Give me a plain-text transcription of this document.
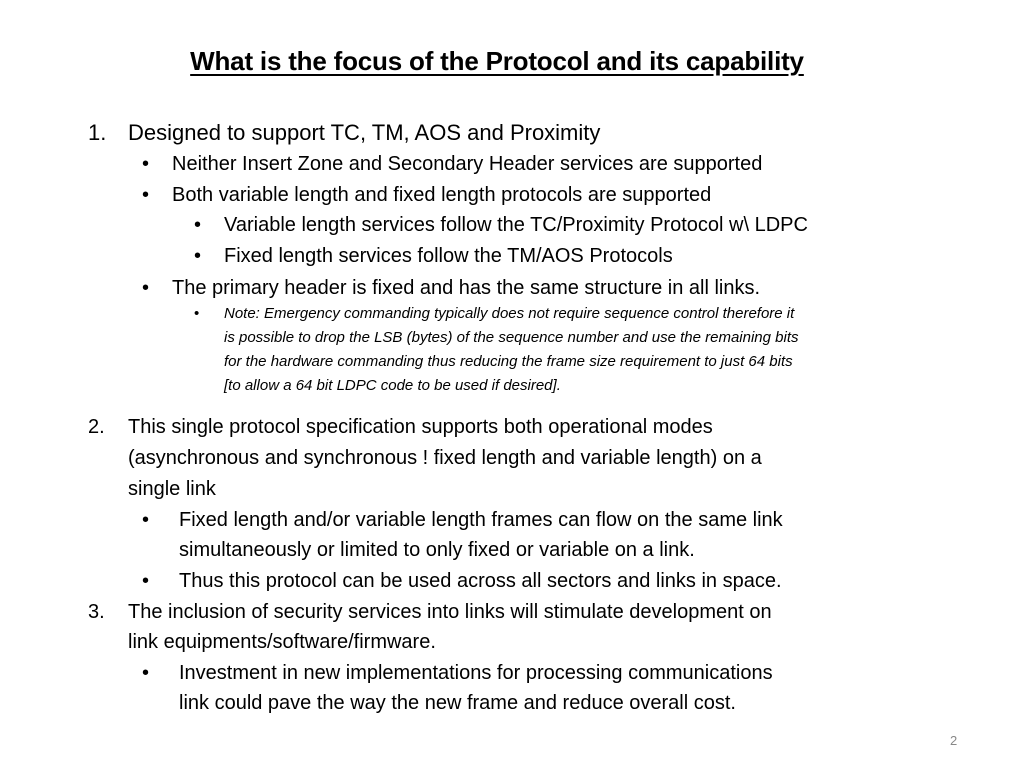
What is the focus of the Protocol and its capability
1. Designed to support TC, TM, AOS and Proximity
• Neither Insert Zone and Secondary Header services are supported
• Both variable length and fixed length protocols are supported
• Variable length services follow the TC/Proximity Protocol w\ LDPC
• Fixed length services follow the TM/AOS Protocols
• The primary header is fixed and has the same structure in all links.
• Note: Emergency commanding typically does not require sequence control therefore it
is possible to drop the LSB (bytes) of the sequence number and use the remaining bits
for the hardware commanding thus reducing the frame size requirement to just 64 bits
[to allow a 64 bit LDPC code to be used if desired].
2. This single protocol specification supports both operational modes
(asynchronous and synchronous ! fixed length and variable length) on a
single link
• Fixed length and/or variable length frames can flow on the same link
simultaneously or limited to only fixed or variable on a link.
• Thus this protocol can be used across all sectors and links in space.
3. The inclusion of security services into links will stimulate development on
link equipments/software/firmware.
• Investment in new implementations for processing communications
link could pave the way the new frame and reduce overall cost.
2
